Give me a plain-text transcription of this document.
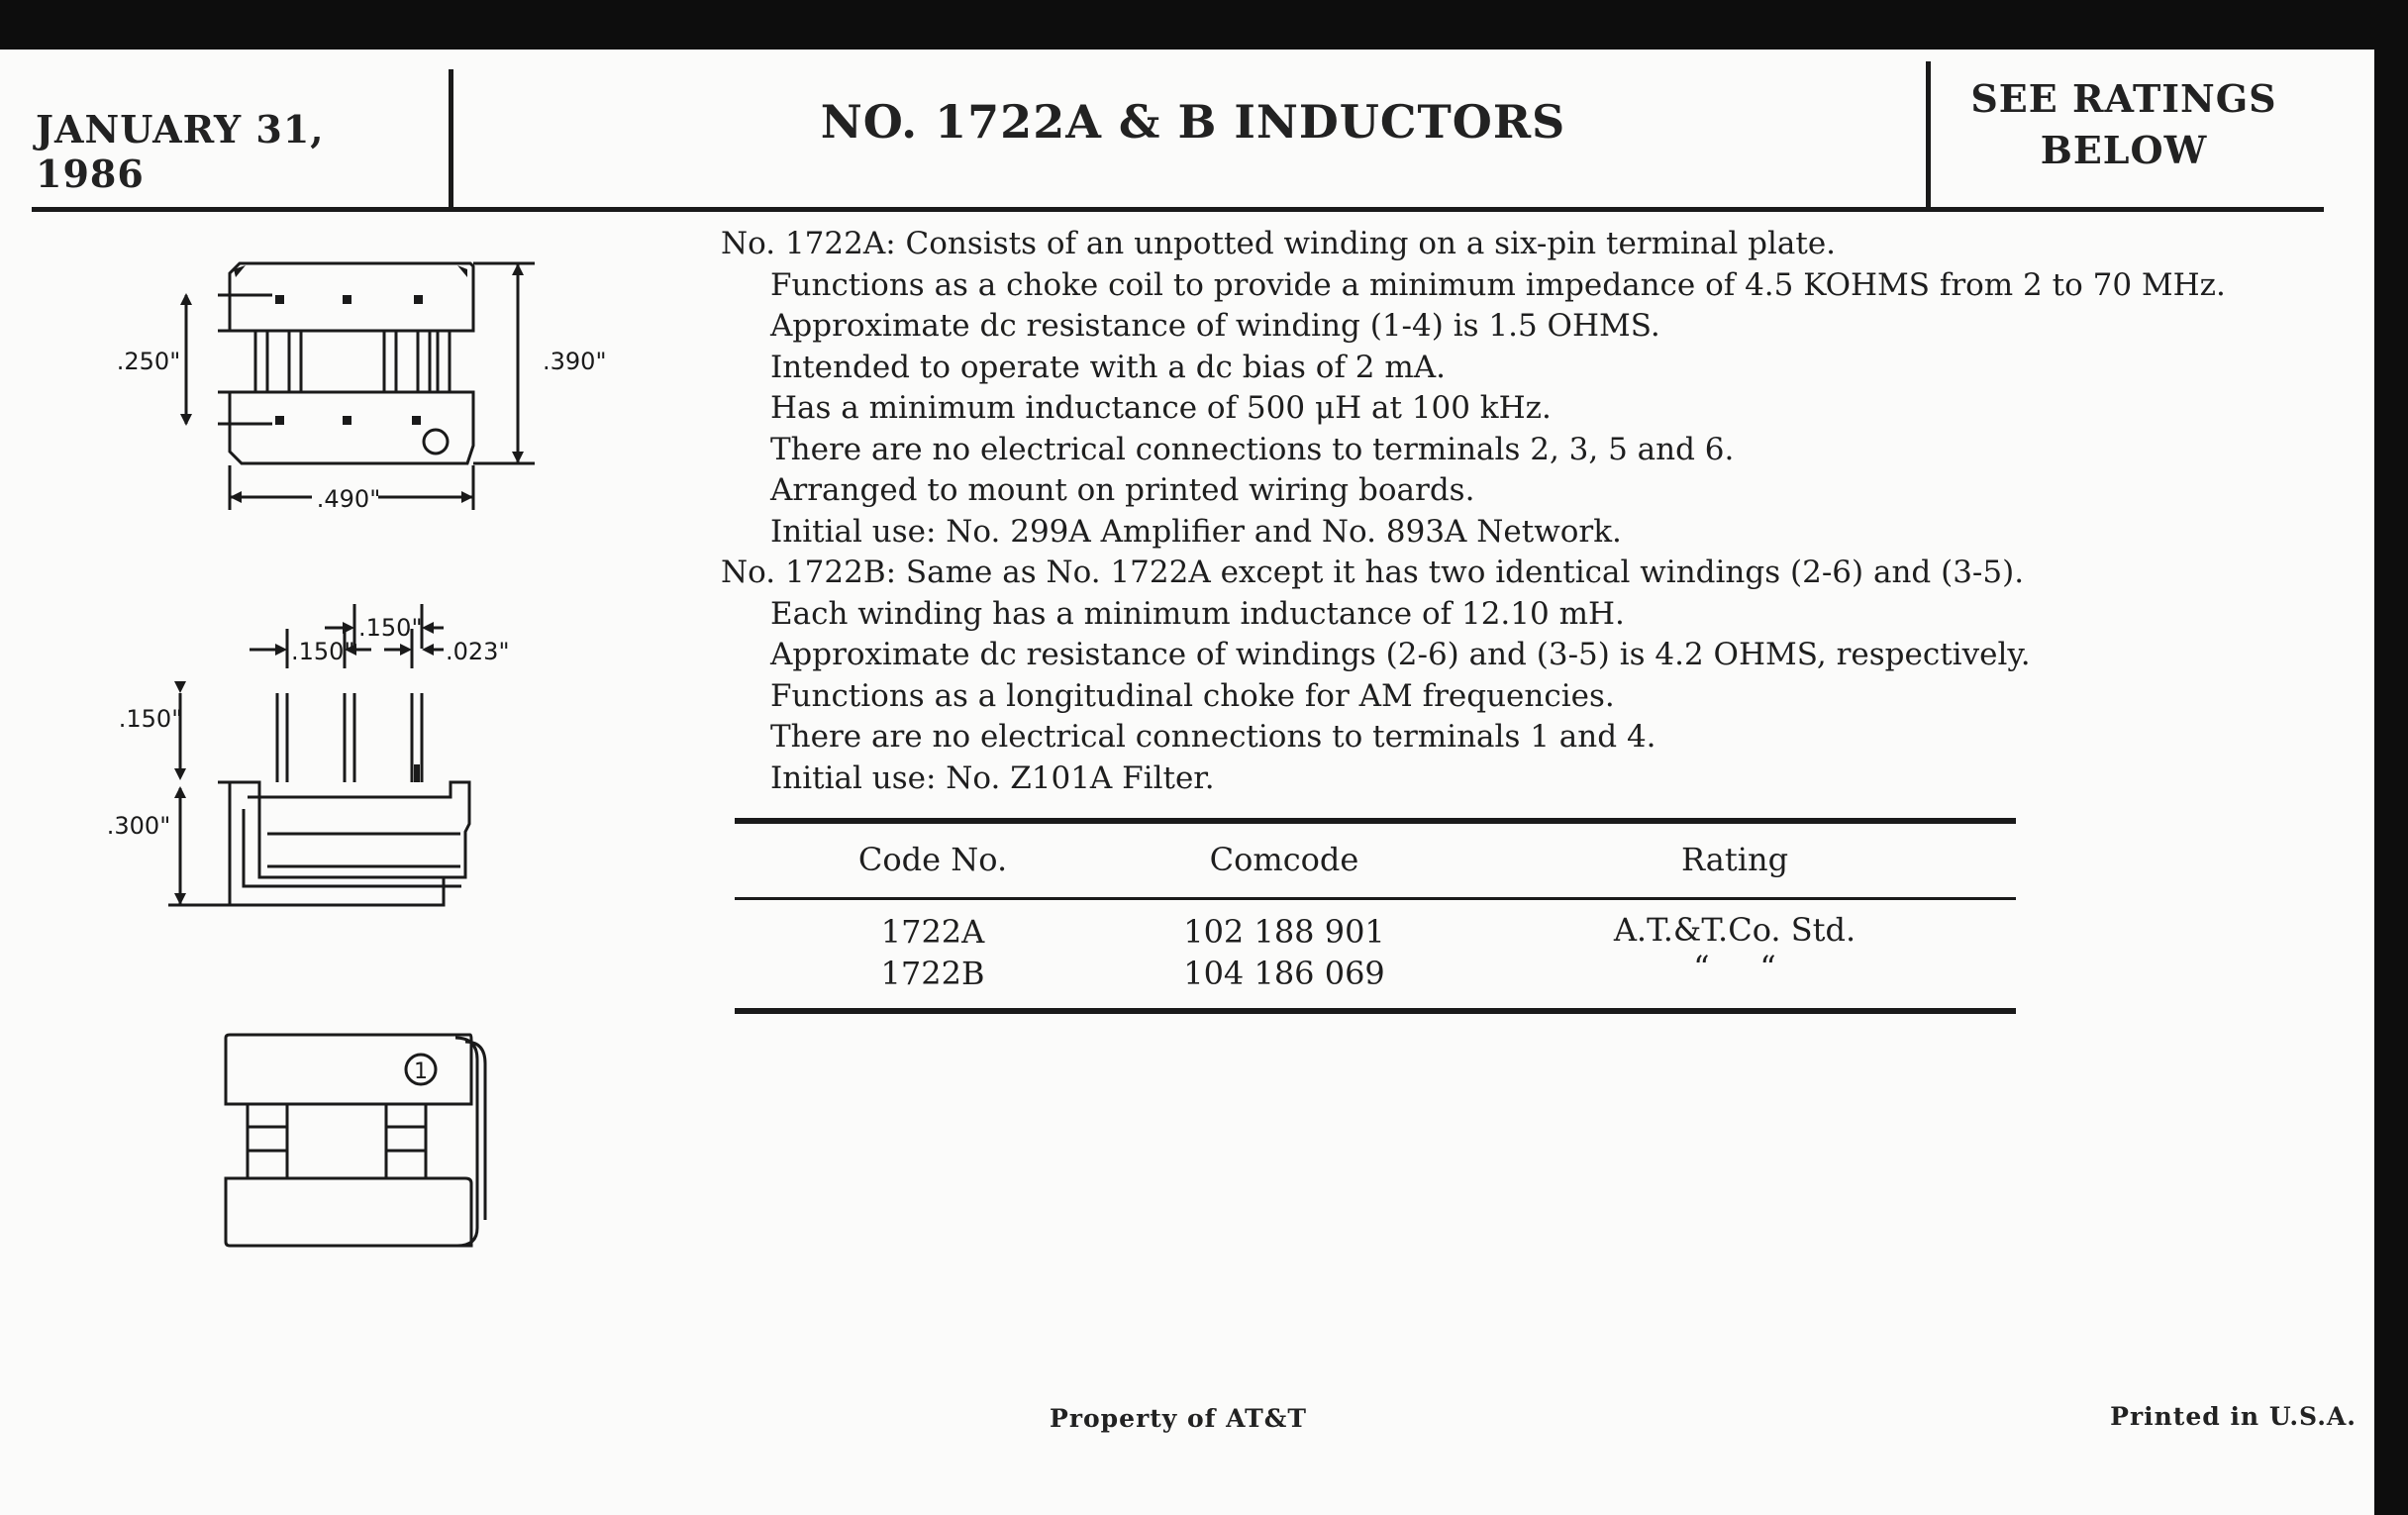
JANUARY 31, 1986
NO. 1722A & B INDUCTORS	SEE RATINGS
BELOW
.250"	.390"
.490"
.150"
.150"	.023"
.150"
.300"
1
No. 1722A: Consists of an unpotted winding on a six-pin terminal plate.
Functions as a choke coil to provide a minimum impedance of 4.5 KOHMS from 2 to 70 MHz.
Approximate dc resistance of winding (1-4) is 1.5 OHMS.
Intended to operate with a dc bias of 2 mA.
Has a minimum inductance of 500 μH at 100 kHz.
There are no electrical connections to terminals 2, 3, 5 and 6.
Arranged to mount on printed wiring boards.
Initial use: No. 299A Amplifier and No. 893A Network.
No. 1722B: Same as No. 1722A except it has two identical windings (2-6) and (3-5).
Each winding has a minimum inductance of 12.10 mH.
Approximate dc resistance of windings (2-6) and (3-5) is 4.2 OHMS, respectively.
Functions as a longitudinal choke for AM frequencies.
There are no electrical connections to terminals 1 and 4.
Initial use: No. Z101A Filter.
Code No.	Comcode	Rating
1722A	102 188 901	A.T.&T.Co. Std.
1722B	104 186 069	“     “
Property of AT&T	Printed in U.S.A.
